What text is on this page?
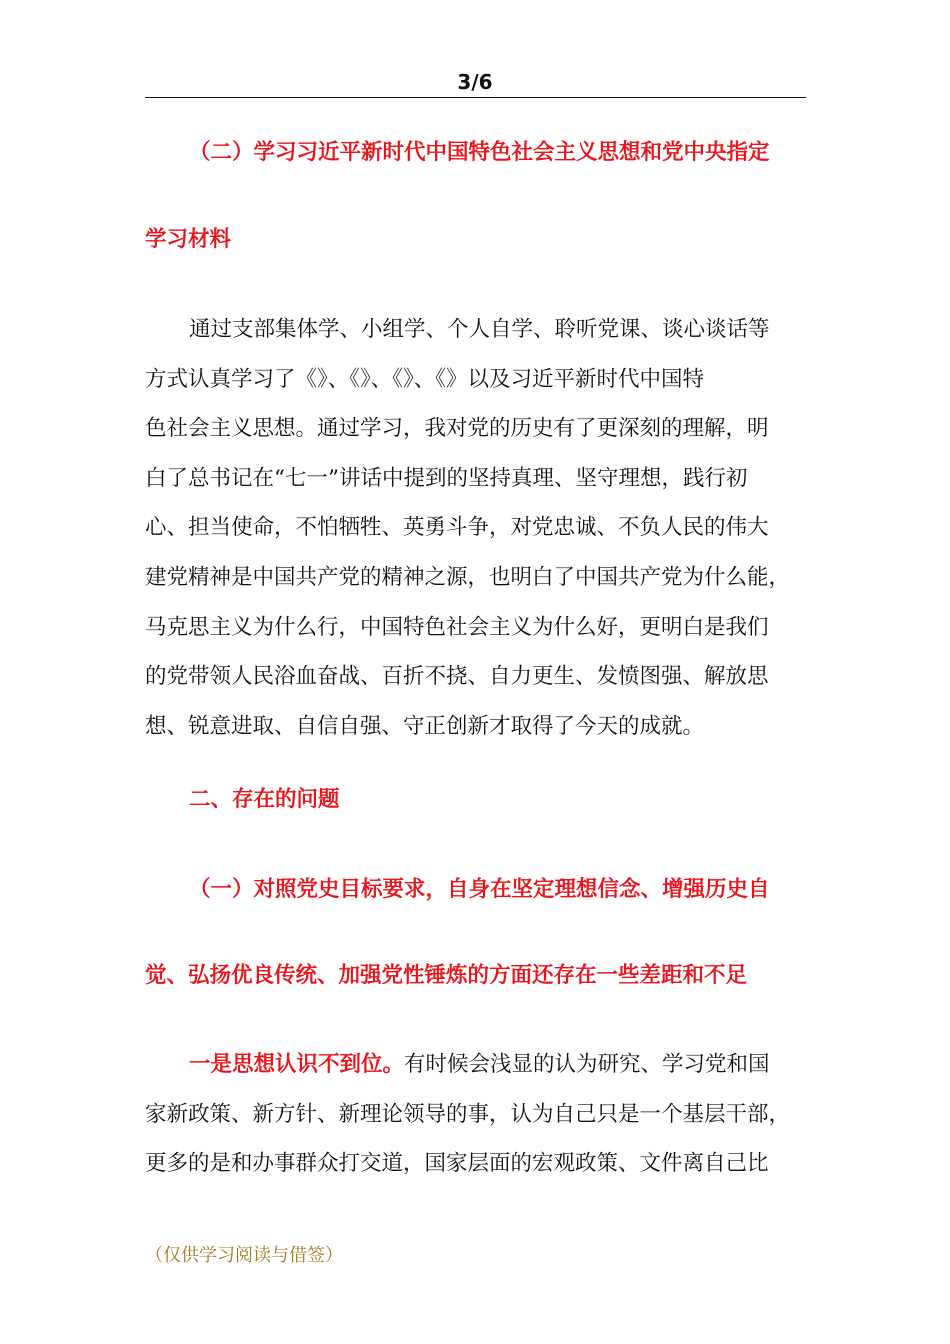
3/6
（二）学习习近平新时代中国特色社会主义思想和党中央指定
学习材料
通过支部集体学、小组学、个人自学、聆听党课、谈心谈话等
方式认真学习了《》、《》、《》、《》以及习近平新时代中国特
色社会主义思想。通过学习，我对党的历史有了更深刻的理解，明
白了总书记在“七一”讲话中提到的坚持真理、坚守理想，践行初
心、担当使命，不怕牺牲、英勇斗争，对党忠诚、不负人民的伟大
建党精神是中国共产党的精神之源，也明白了中国共产党为什么能，
马克思主义为什么行，中国特色社会主义为什么好，更明白是我们
的党带领人民浴血奋战、百折不挠、自力更生、发愤图强、解放思
想、锐意进取、自信自强、守正创新才取得了今天的成就。
二、存在的问题
（一）对照党史目标要求，自身在坚定理想信念、增强历史自
觉、弘扬优良传统、加强党性锤炼的方面还存在一些差距和不足
一是思想认识不到位。有时候会浅显的认为研究、学习党和国
家新政策、新方针、新理论领导的事，认为自己只是一个基层干部，
更多的是和办事群众打交道，国家层面的宏观政策、文件离自己比
（仅供学习阅读与借签）
